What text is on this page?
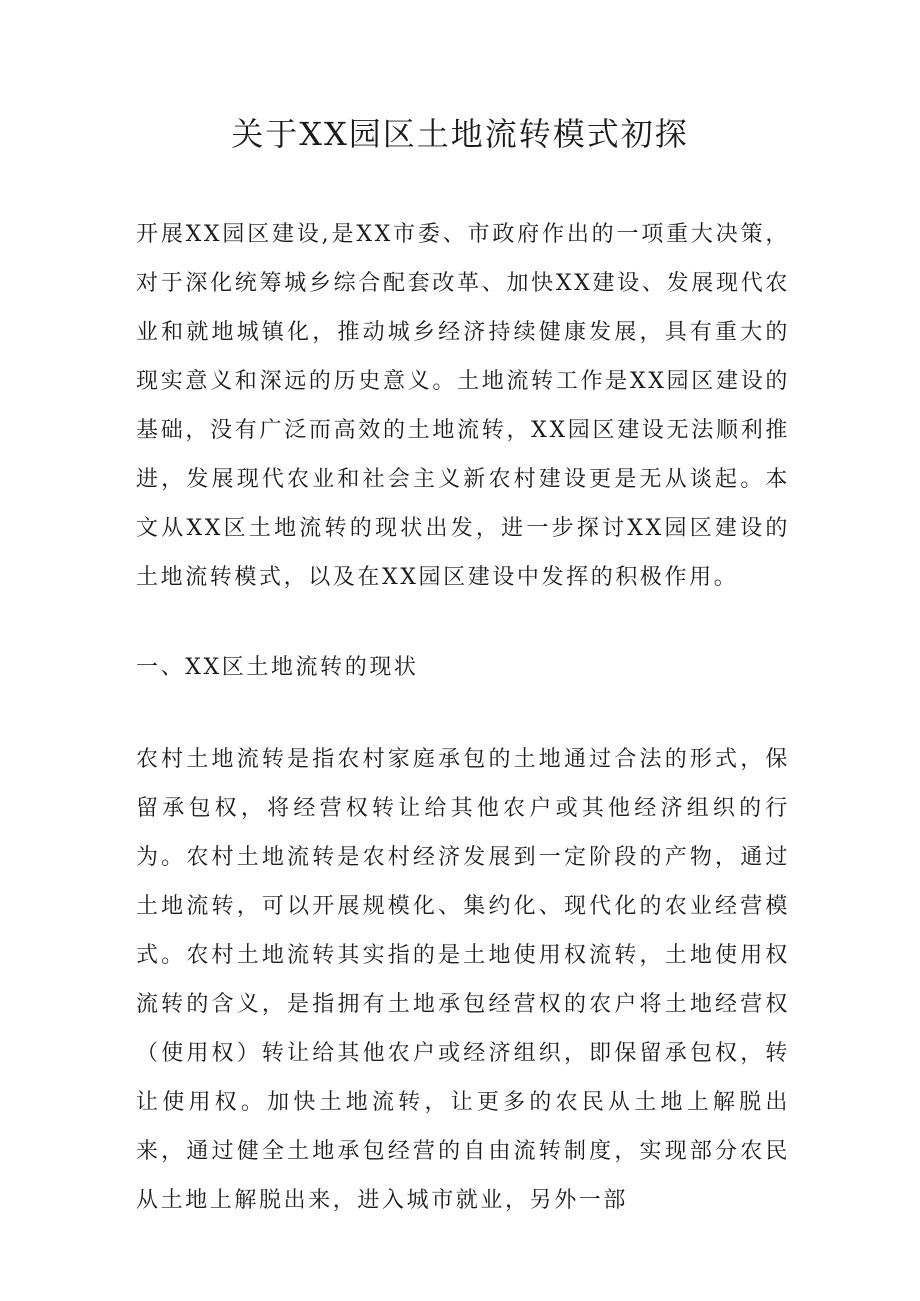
关于XX园区土地流转模式初探

开展XX园区建设,是XX市委、市政府作出的一项重大决策，对于深化统筹城乡综合配套改革、加快XX建设、发展现代农业和就地城镇化，推动城乡经济持续健康发展，具有重大的现实意义和深远的历史意义。土地流转工作是XX园区建设的基础，没有广泛而高效的土地流转，XX园区建设无法顺利推进，发展现代农业和社会主义新农村建设更是无从谈起。本文从XX区土地流转的现状出发，进一步探讨XX园区建设的土地流转模式，以及在XX园区建设中发挥的积极作用。

一、XX区土地流转的现状

农村土地流转是指农村家庭承包的土地通过合法的形式，保留承包权，将经营权转让给其他农户或其他经济组织的行为。农村土地流转是农村经济发展到一定阶段的产物，通过土地流转，可以开展规模化、集约化、现代化的农业经营模式。农村土地流转其实指的是土地使用权流转，土地使用权流转的含义，是指拥有土地承包经营权的农户将土地经营权（使用权）转让给其他农户或经济组织，即保留承包权，转让使用权。加快土地流转，让更多的农民从土地上解脱出来，通过健全土地承包经营的自由流转制度，实现部分农民从土地上解脱出来，进入城市就业，另外一部
